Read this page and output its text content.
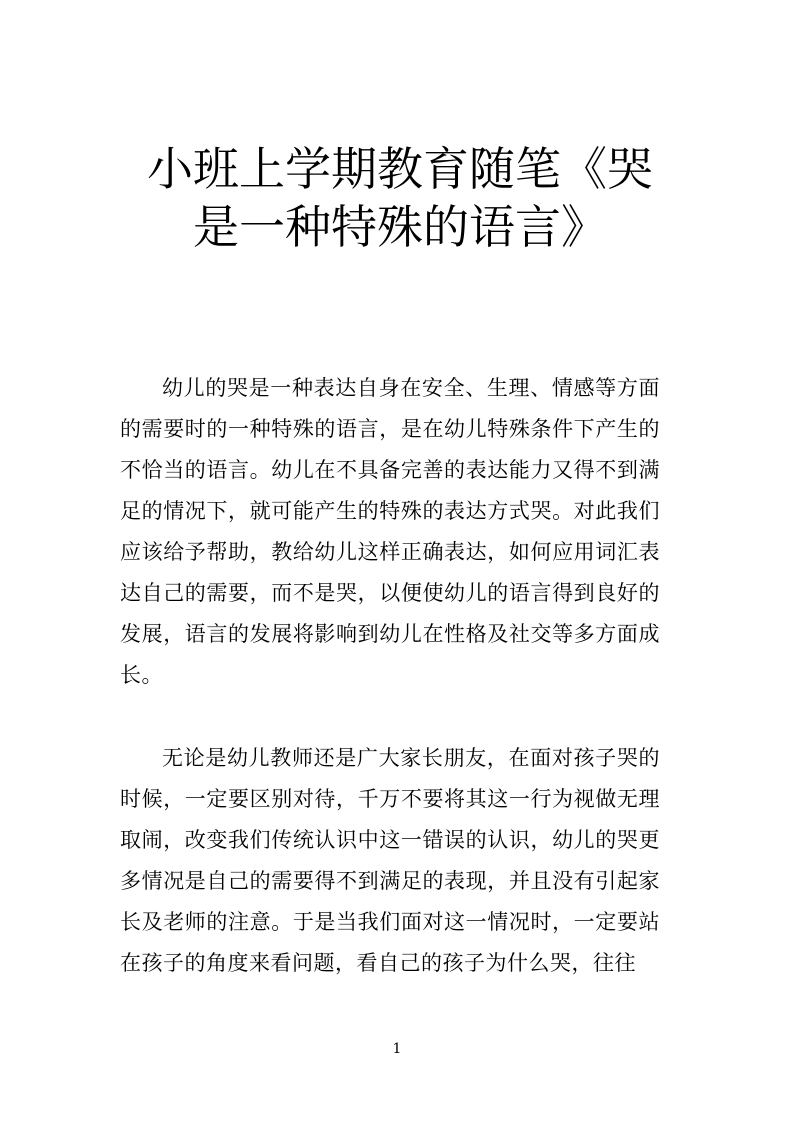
小班上学期教育随笔《哭
是一种特殊的语言》

幼儿的哭是一种表达自身在安全、生理、情感等方面的需要时的一种特殊的语言，是在幼儿特殊条件下产生的不恰当的语言。幼儿在不具备完善的表达能力又得不到满足的情况下，就可能产生的特殊的表达方式哭。对此我们应该给予帮助，教给幼儿这样正确表达，如何应用词汇表达自己的需要，而不是哭，以便使幼儿的语言得到良好的发展，语言的发展将影响到幼儿在性格及社交等多方面成长。

无论是幼儿教师还是广大家长朋友，在面对孩子哭的时候，一定要区别对待，千万不要将其这一行为视做无理取闹，改变我们传统认识中这一错误的认识，幼儿的哭更多情况是自己的需要得不到满足的表现，并且没有引起家长及老师的注意。于是当我们面对这一情况时，一定要站在孩子的角度来看问题，看自己的孩子为什么哭，往往

1
